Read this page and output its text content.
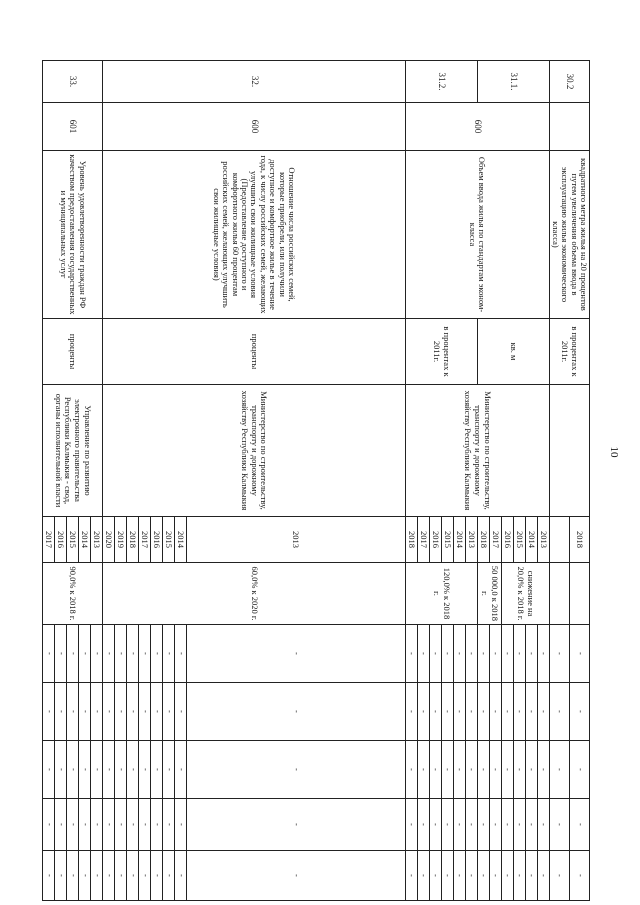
10
30.2		квадратного метра жилья на 20 процентов путем увеличения объема ввода в эксплуатацию жилья экономического класса)	в процентах к 2011г.		2018		-	-	-	-	-
							-	-	-	-	-
31.1.	600	Объем ввода жилья по стандартам эконом-класса	кв. м	Министерство по строительству, транспорту и дорожному хозяйству Республики Калмыкия	2013	снижение на 20,0% к 2018 г.	-	-	-	-	-
					2014		-	-	-	-	-
					2015		-	-	-	-	-
					2016		-	-	-	-	-
					2017	50 000,0 к 2018 г.	-	-	-	-	-
					2018		-	-	-	-	-
31.2.			в процентах к 2011г.		2013	120,0% к 2018 г.	-	-	-	-	-
					2014		-	-	-	-	-
					2015		-	-	-	-	-
					2016		-	-	-	-	-
					2017		-	-	-	-	-
					2018		-	-	-	-	-
32.	600	Отношение числа российских семей, которые приобрели, или получили доступное и комфортное жилье в течение года, к числу российских семей, желающих улучшить свои жилищные условия (Предоставление доступного и комфортного жилья 60 процентам российских семей, желающих улучшить свои жилищные условия)	проценты	Министерство по строительству, транспорту и дорожному хозяйству Республики Калмыкия	2013	60,0% к 2020 г.	-	-	-	-	-

					2014		-	-	-	-	-
					2015		-	-	-	-	-
					2016		-	-	-	-	-
					2017		-	-	-	-	-
					2018		-	-	-	-	-
					2019		-	-	-	-	-
					2020		-	-	-	-	-
33.	601	Уровень удовлетворенности граждан РФ качеством предоставления государственных и муниципальных услуг	проценты	Управление по развитию электронного правительства Республики Калмыкия - свод, органы исполнительной власти	2013	90,0% к 2018 г.	-	-	-	-	-
					2014		-	-	-	-	-
					2015		-	-	-	-	-
					2016		-	-	-	-	-
					2017		-	-	-	-	-
